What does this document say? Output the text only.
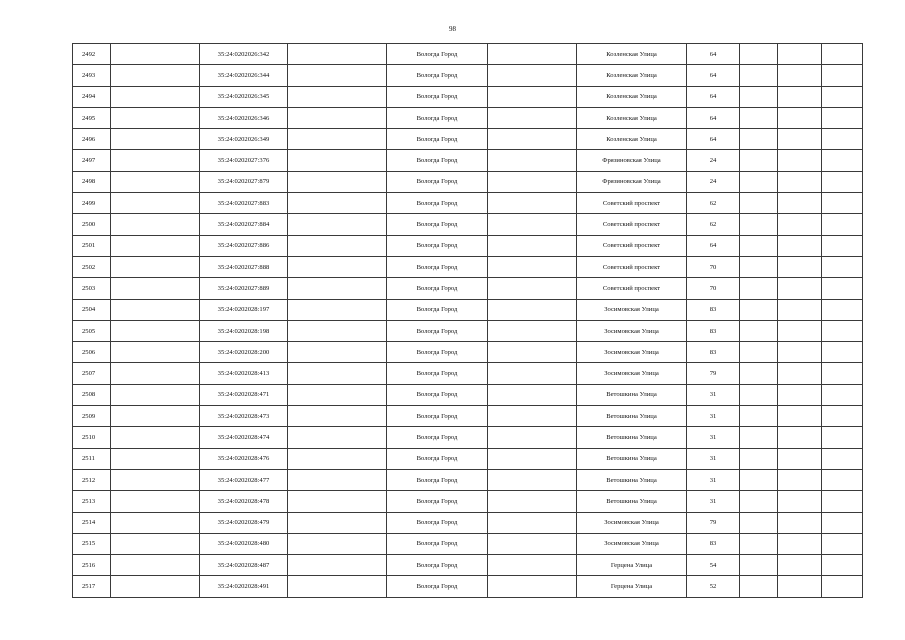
98
2492		35:24:0202026:342		Вологда Город		Козленская Улица	64			
2493		35:24:0202026:344		Вологда Город		Козленская Улица	64			
2494		35:24:0202026:345		Вологда Город		Козленская Улица	64			
2495		35:24:0202026:346		Вологда Город		Козленская Улица	64			
2496		35:24:0202026:349		Вологда Город		Козленская Улица	64			
2497		35:24:0202027:376		Вологда Город		Фрязиновская Улица	24			
2498		35:24:0202027:879		Вологда Город		Фрязиновская Улица	24			
2499		35:24:0202027:883		Вологда Город		Советский проспект	62			
2500		35:24:0202027:884		Вологда Город		Советский проспект	62			
2501		35:24:0202027:886		Вологда Город		Советский проспект	64			
2502		35:24:0202027:888		Вологда Город		Советский проспект	70			
2503		35:24:0202027:889		Вологда Город		Советский проспект	70			
2504		35:24:0202028:197		Вологда Город		Зосимовская Улица	83			
2505		35:24:0202028:198		Вологда Город		Зосимовская Улица	83			
2506		35:24:0202028:200		Вологда Город		Зосимовская Улица	83			
2507		35:24:0202028:413		Вологда Город		Зосимовская Улица	79			
2508		35:24:0202028:471		Вологда Город		Ветошкина Улица	31			
2509		35:24:0202028:473		Вологда Город		Ветошкина Улица	31			
2510		35:24:0202028:474		Вологда Город		Ветошкина Улица	31			
2511		35:24:0202028:476		Вологда Город		Ветошкина Улица	31			
2512		35:24:0202028:477		Вологда Город		Ветошкина Улица	31			
2513		35:24:0202028:478		Вологда Город		Ветошкина Улица	31			
2514		35:24:0202028:479		Вологда Город		Зосимовская Улица	79			
2515		35:24:0202028:480		Вологда Город		Зосимовская Улица	83			
2516		35:24:0202028:487		Вологда Город		Герцена Улица	54			
2517		35:24:0202028:491		Вологда Город		Герцена Улица	52			
